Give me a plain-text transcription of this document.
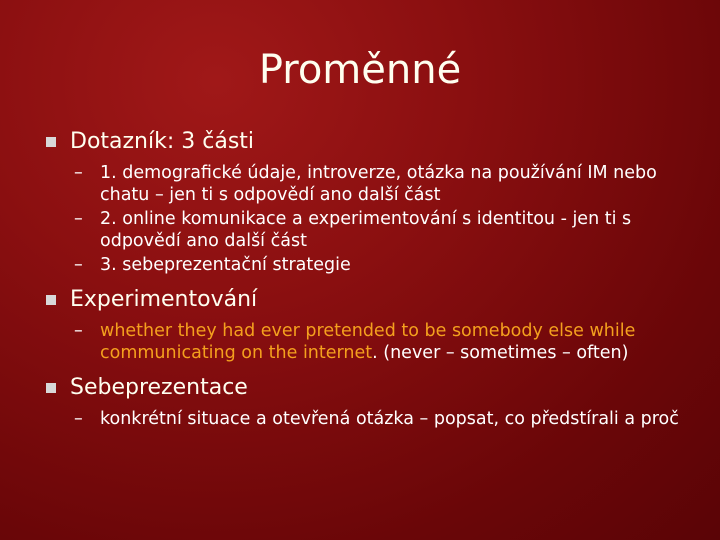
Proměnné
Dotazník: 3 části
– 1. demografické údaje, introverze, otázka na používání IM nebo chatu – jen ti s odpovědí ano další část
– 2. online komunikace a experimentování s identitou - jen ti s odpovědí ano další část
– 3. sebeprezentační strategie
Experimentování
– whether they had ever pretended to be somebody else while communicating on the internet. (never – sometimes – often)
Sebeprezentace
– konkrétní situace a otevřená otázka – popsat, co předstírali a proč
